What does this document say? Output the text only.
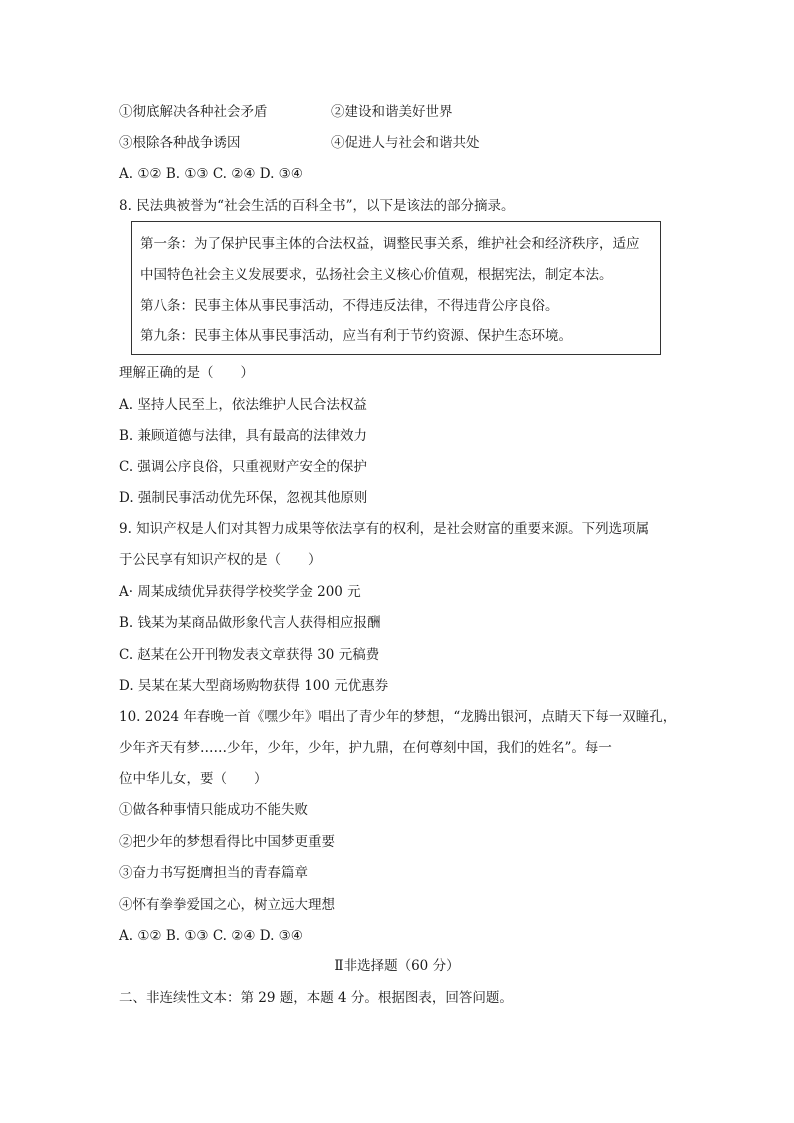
①彻底解决各种社会矛盾	②建设和谐美好世界
③根除各种战争诱因	④促进人与社会和谐共处
A. ①② B. ①③ C. ②④ D. ③④
8. 民法典被誉为“社会生活的百科全书”，以下是该法的部分摘录。
第一条：为了保护民事主体的合法权益，调整民事关系，维护社会和经济秩序，适应
中国特色社会主义发展要求，弘扬社会主义核心价值观，根据宪法，制定本法。
第八条：民事主体从事民事活动，不得违反法律，不得违背公序良俗。
第九条：民事主体从事民事活动，应当有利于节约资源、保护生态环境。
理解正确的是（　　）
A. 坚持人民至上，依法维护人民合法权益
B. 兼顾道德与法律，具有最高的法律效力
C. 强调公序良俗，只重视财产安全的保护
D. 强制民事活动优先环保，忽视其他原则
9. 知识产权是人们对其智力成果等依法享有的权利，是社会财富的重要来源。下列选项属
于公民享有知识产权的是（　　）
A· 周某成绩优异获得学校奖学金 200 元
B. 钱某为某商品做形象代言人获得相应报酬
C. 赵某在公开刊物发表文章获得 30 元稿费
D. 吴某在某大型商场购物获得 100 元优惠券
10. 2024 年春晚一首《嘿少年》唱出了青少年的梦想，“龙腾出银河，点睛天下每一双瞳孔，
少年齐天有梦……少年，少年，少年，护九鼎，在何尊刻中国，我们的姓名”。每一
位中华儿女，要（　　）
①做各种事情只能成功不能失败
②把少年的梦想看得比中国梦更重要
③奋力书写挺膺担当的青春篇章
④怀有拳拳爱国之心，树立远大理想
A. ①② B. ①③ C. ②④ D. ③④
Ⅱ非选择题（60 分）
二、非连续性文本：第 29 题，本题 4 分。根据图表，回答问题。
